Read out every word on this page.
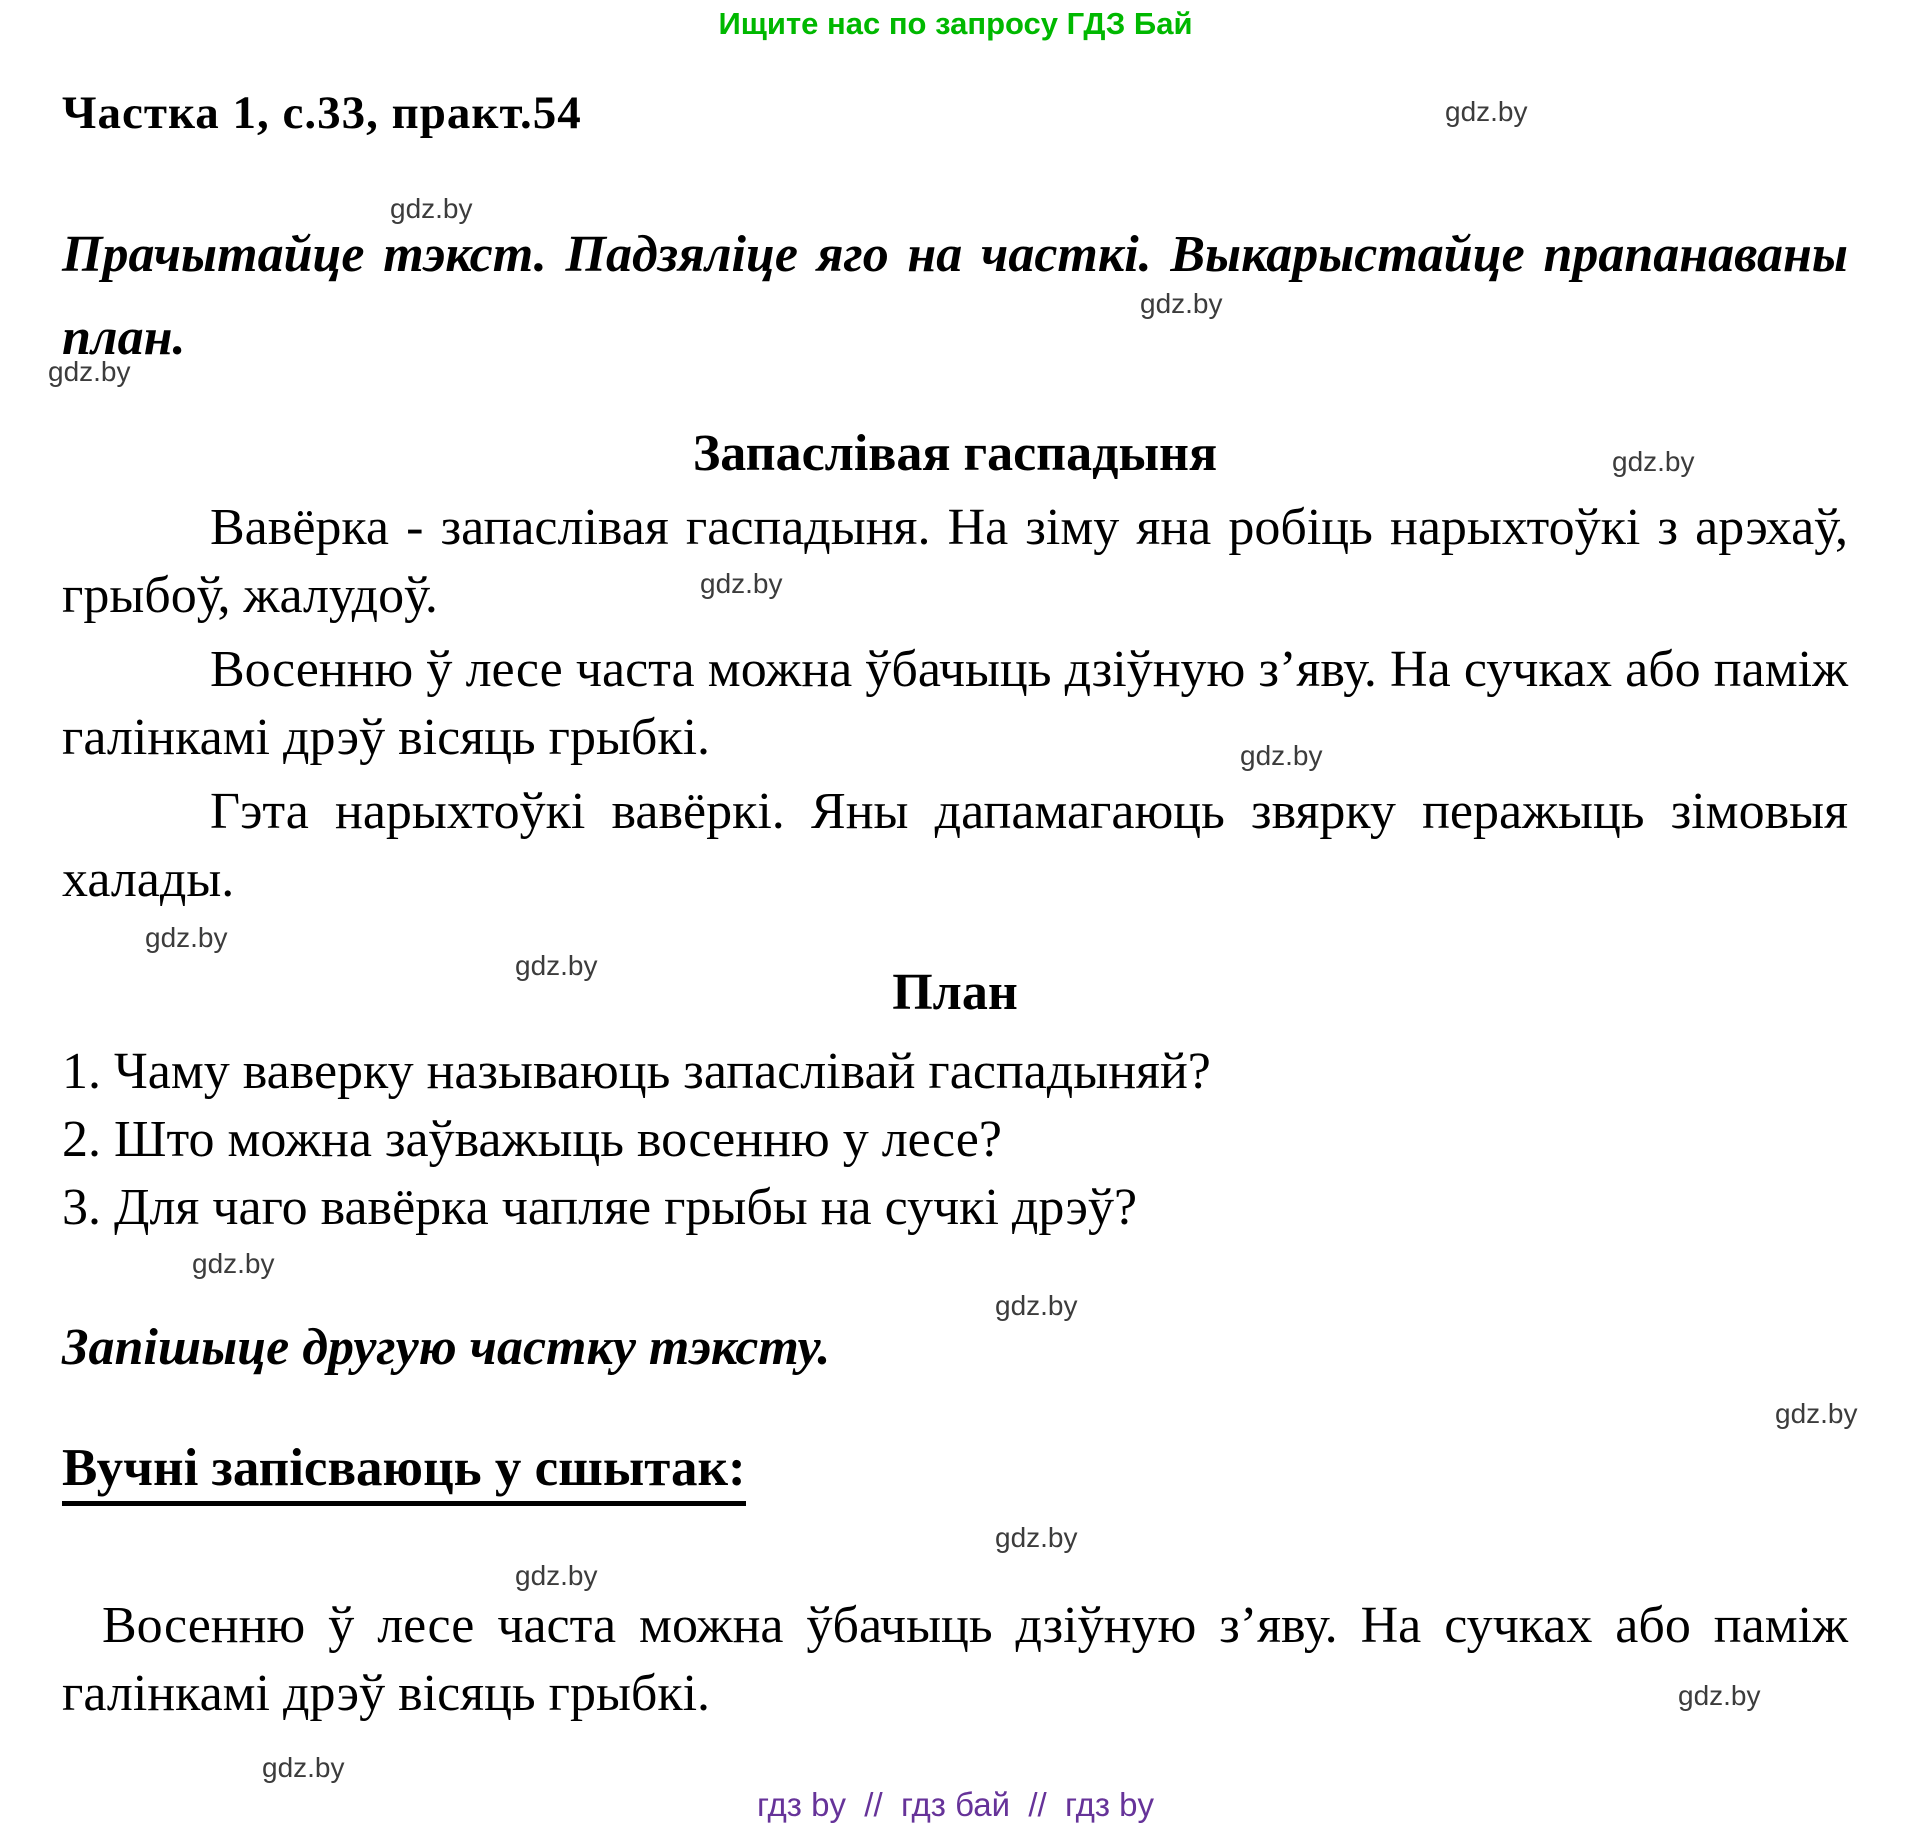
Ищите нас по запросу ГДЗ Бай
Частка 1, с.33, практ.54
Прачытайце тэкст. Падзяліце яго на часткі. Выкарыстайце прапанаваны план.
Запаслівая гаспадыня
Вавёрка - запаслівая гаспадыня. На зіму яна робіць нарыхтоўкі з арэхаў, грыбоў, жалудоў.
Восенню ў лесе часта можна ўбачыць дзіўную з’яву. На сучках або паміж галінкамі дрэў вісяць грыбкі.
Гэта нарыхтоўкі вавёркі. Яны дапамагаюць звярку перажыць зімовыя халады.
План
1. Чаму ваверку называюць запаслівай гаспадыняй?
2. Што можна заўважыць восенню у лесе?
3. Для чаго вавёрка чапляе грыбы на сучкі дрэў?
Запішыце другую частку тэксту.
Вучні запісваюць у сшытак:
Восенню ў лесе часта можна ўбачыць дзіўную з’яву. На сучках або паміж галінкамі дрэў вісяць грыбкі.
гдз by  //  гдз бай  //  гдз by
gdz.by
gdz.by
gdz.by
gdz.by
gdz.by
gdz.by
gdz.by
gdz.by
gdz.by
gdz.by
gdz.by
gdz.by
gdz.by
gdz.by
gdz.by
gdz.by
